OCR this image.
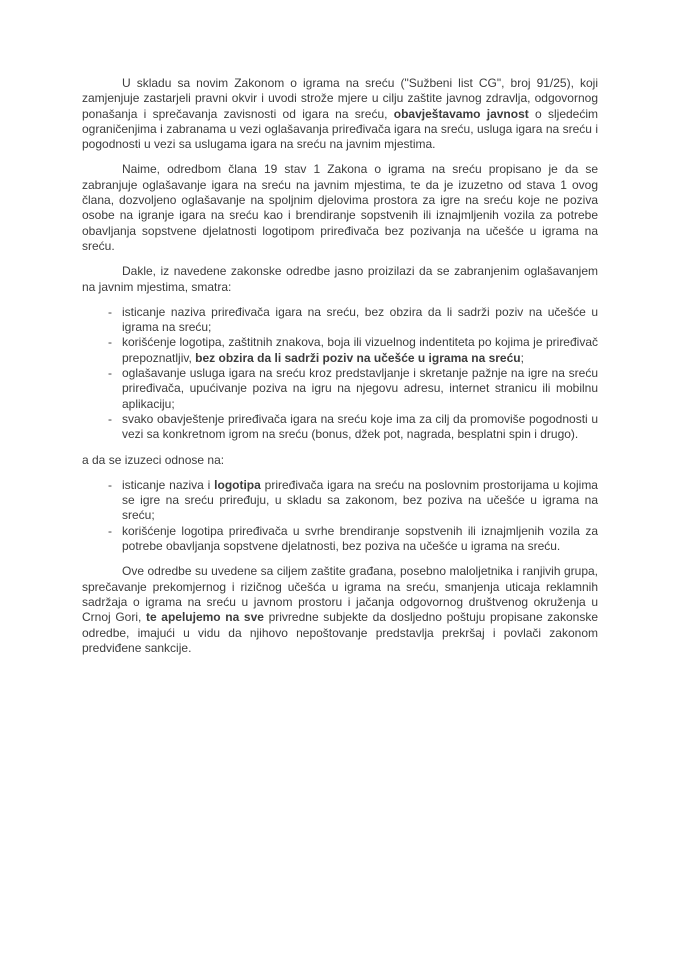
U skladu sa novim Zakonom o igrama na sreću ("Sužbeni list CG", broj 91/25), koji zamjenjuje zastarjeli pravni okvir i uvodi strože mjere u cilju zaštite javnog zdravlja, odgovornog ponašanja i sprečavanja zavisnosti od igara na sreću, obavještavamo javnost o sljedećim ograničenjima i zabranama u vezi oglašavanja priređivača igara na sreću, usluga igara na sreću i pogodnosti u vezi sa uslugama igara na sreću na javnim mjestima.

Naime, odredbom člana 19 stav 1 Zakona o igrama na sreću propisano je da se zabranjuje oglašavanje igara na sreću na javnim mjestima, te da je izuzetno od stava 1 ovog člana, dozvoljeno oglašavanje na spoljnim djelovima prostora za igre na sreću koje ne poziva osobe na igranje igara na sreću kao i brendiranje sopstvenih ili iznajmljenih vozila za potrebe obavljanja sopstvene djelatnosti logotipom priređivača bez pozivanja na učešće u igrama na sreću.

Dakle, iz navedene zakonske odredbe jasno proizilazi da se zabranjenim oglašavanjem na javnim mjestima, smatra:

- isticanje naziva priređivača igara na sreću, bez obzira da li sadrži poziv na učešće u igrama na sreću;
- korišćenje logotipa, zaštitnih znakova, boja ili vizuelnog indentiteta po kojima je priređivač prepoznatljiv, bez obzira da li sadrži poziv na učešće u igrama na sreću;
- oglašavanje usluga igara na sreću kroz predstavljanje i skretanje pažnje na igre na sreću priređivača, upućivanje poziva na igru na njegovu adresu, internet stranicu ili mobilnu aplikaciju;
- svako obavještenje priređivača igara na sreću koje ima za cilj da promoviše pogodnosti u vezi sa konkretnom igrom na sreću (bonus, džek pot, nagrada, besplatni spin i drugo).

a da se izuzeci odnose na:

- isticanje naziva i logotipa priređivača igara na sreću na poslovnim prostorijama u kojima se igre na sreću priređuju, u skladu sa zakonom, bez poziva na učešće u igrama na sreću;
- korišćenje logotipa priređivača u svrhe brendiranje sopstvenih ili iznajmljenih vozila za potrebe obavljanja sopstvene djelatnosti, bez poziva na učešće u igrama na sreću.

Ove odredbe su uvedene sa ciljem zaštite građana, posebno maloljetnika i ranjivih grupa, sprečavanje prekomjernog i rizičnog učešća u igrama na sreću, smanjenja uticaja reklamnih sadržaja o igrama na sreću u javnom prostoru i jačanja odgovornog društvenog okruženja u Crnoj Gori, te apelujemo na sve privredne subjekte da dosljedno poštuju propisane zakonske odredbe, imajući u vidu da njihovo nepoštovanje predstavlja prekršaj i povlači zakonom predviđene sankcije.
